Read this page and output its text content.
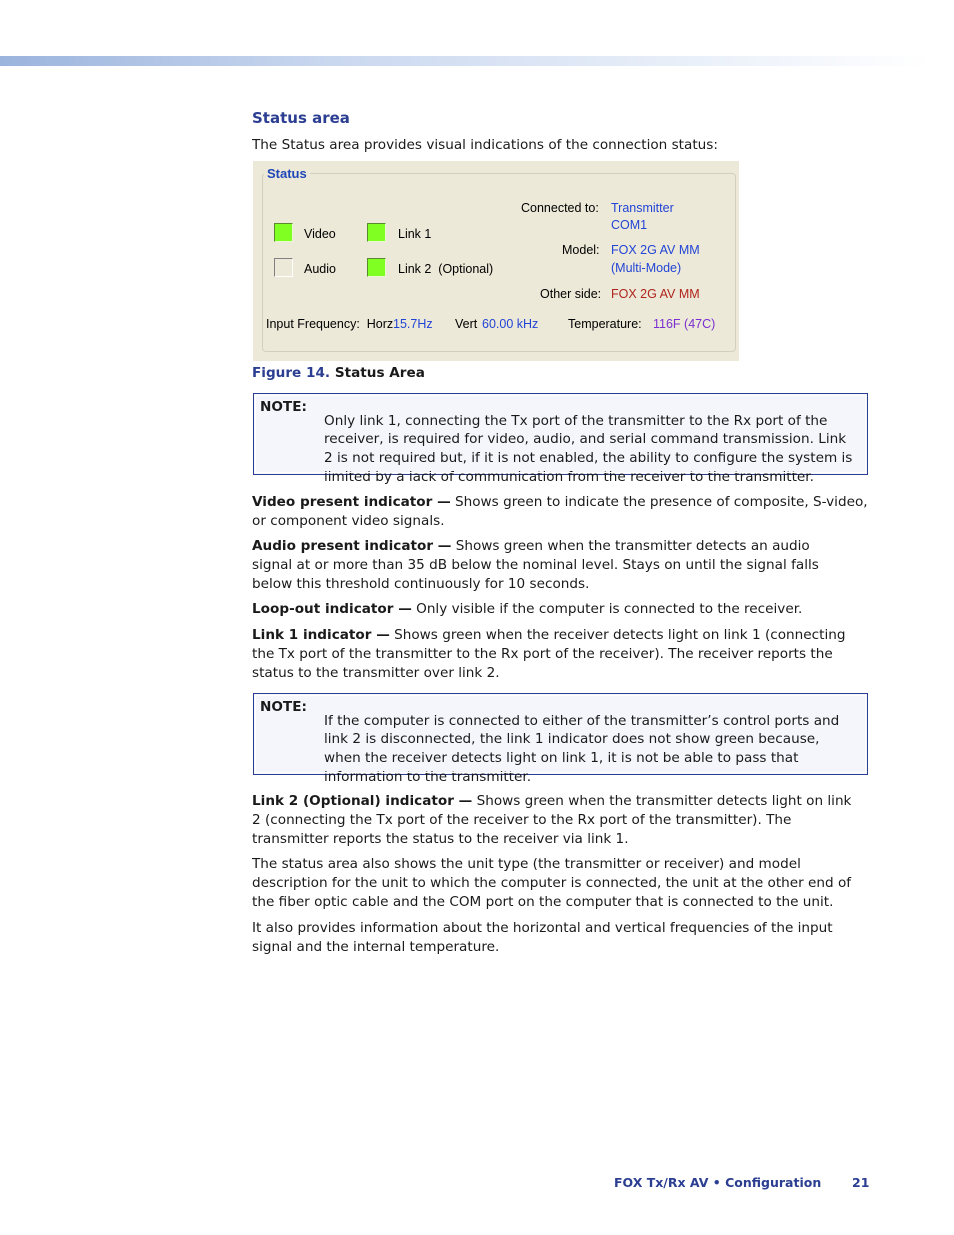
Status area

The Status area provides visual indications of the connection status:

Status
Video
Audio
Link 1
Link 2  (Optional)
Connected to: Transmitter
COM1
Model: FOX 2G AV MM
(Multi-Mode)
Other side: FOX 2G AV MM
Input Frequency:  Horz 15.7Hz Vert 60.00 kHz Temperature: 116F (47C)
Figure 14. Status Area
NOTE:

Only link 1, connecting the Tx port of the transmitter to the Rx port of the receiver, is required for video, audio, and serial command transmission. Link 2 is not required but, if it is not enabled, the ability to configure the system is limited by a lack of communication from the receiver to the transmitter.

Video present indicator — Shows green to indicate the presence of composite, S-video, or component video signals.

Audio present indicator — Shows green when the transmitter detects an audio signal at or more than 35 dB below the nominal level. Stays on until the signal falls below this threshold continuously for 10 seconds.

Loop-out indicator — Only visible if the computer is connected to the receiver.

Link 1 indicator — Shows green when the receiver detects light on link 1 (connecting the Tx port of the transmitter to the Rx port of the receiver). The receiver reports the status to the transmitter over link 2.

NOTE:

If the computer is connected to either of the transmitter’s control ports and link 2 is disconnected, the link 1 indicator does not show green because, when the receiver detects light on link 1, it is not be able to pass that information to the transmitter.

Link 2 (Optional) indicator — Shows green when the transmitter detects light on link 2 (connecting the Tx port of the receiver to the Rx port of the transmitter). The transmitter reports the status to the receiver via link 1.

The status area also shows the unit type (the transmitter or receiver) and model description for the unit to which the computer is connected, the unit at the other end of the fiber optic cable and the COM port on the computer that is connected to the unit.

It also provides information about the horizontal and vertical frequencies of the input signal and the internal temperature.

FOX Tx/Rx AV • Configuration 21
